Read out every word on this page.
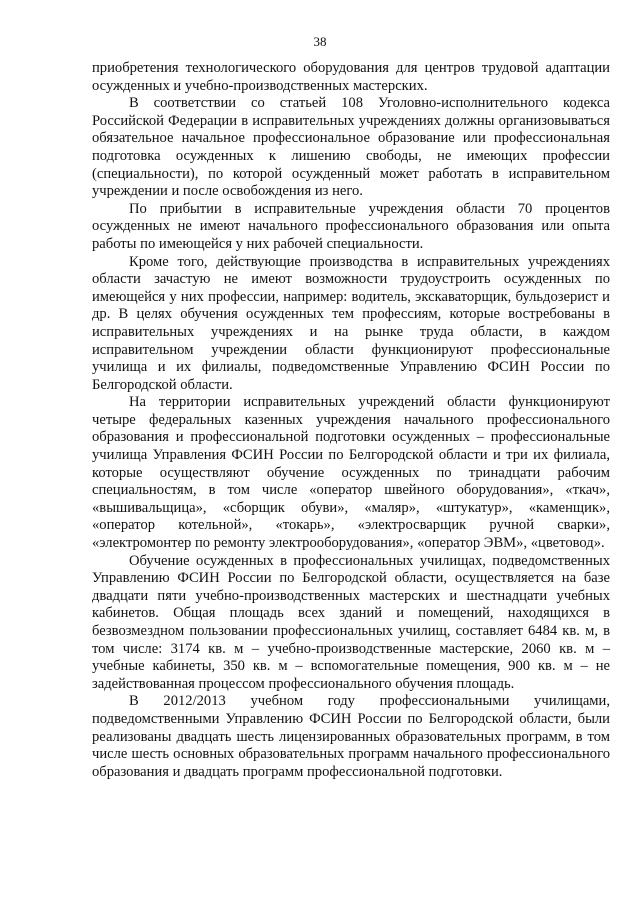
38

приобретения технологического оборудования для центров трудовой адаптации осужденных и учебно-производственных мастерских.

В соответствии со статьей 108 Уголовно-исполнительного кодекса Российской Федерации в исправительных учреждениях должны организовываться обязательное начальное профессиональное образование или профессиональная подготовка осужденных к лишению свободы, не имеющих профессии (специальности), по которой осужденный может работать в исправительном учреждении и после освобождения из него.

По прибытии в исправительные учреждения области 70 процентов осужденных не имеют начального профессионального образования или опыта работы по имеющейся у них рабочей специальности.

Кроме того, действующие производства в исправительных учреждениях области зачастую не имеют возможности трудоустроить осужденных по имеющейся у них профессии, например: водитель, экскаваторщик, бульдозерист и др. В целях обучения осужденных тем профессиям, которые востребованы в исправительных учреждениях и на рынке труда области, в каждом исправительном учреждении области функционируют профессиональные училища и их филиалы, подведомственные Управлению ФСИН России по Белгородской области.

На территории исправительных учреждений области функционируют четыре федеральных казенных учреждения начального профессионального образования и профессиональной подготовки осужденных – профессиональные училища Управления ФСИН России по Белгородской области и три их филиала, которые осуществляют обучение осужденных по тринадцати рабочим специальностям, в том числе «оператор швейного оборудования», «ткач», «вышивальщица», «сборщик обуви», «маляр», «штукатур», «каменщик», «оператор котельной», «токарь», «электросварщик ручной сварки», «электромонтер по ремонту электрооборудования», «оператор ЭВМ», «цветовод».

Обучение осужденных в профессиональных училищах, подведомственных Управлению ФСИН России по Белгородской области, осуществляется на базе двадцати пяти учебно-производственных мастерских и шестнадцати учебных кабинетов. Общая площадь всех зданий и помещений, находящихся в безвозмездном пользовании профессиональных училищ, составляет 6484 кв. м, в том числе: 3174 кв. м – учебно-производственные мастерские, 2060 кв. м – учебные кабинеты, 350 кв. м – вспомогательные помещения, 900 кв. м – не задействованная процессом профессионального обучения площадь.

В 2012/2013 учебном году профессиональными училищами, подведомственными Управлению ФСИН России по Белгородской области, были реализованы двадцать шесть лицензированных образовательных программ, в том числе шесть основных образовательных программ начального профессионального образования и двадцать программ профессиональной подготовки.
